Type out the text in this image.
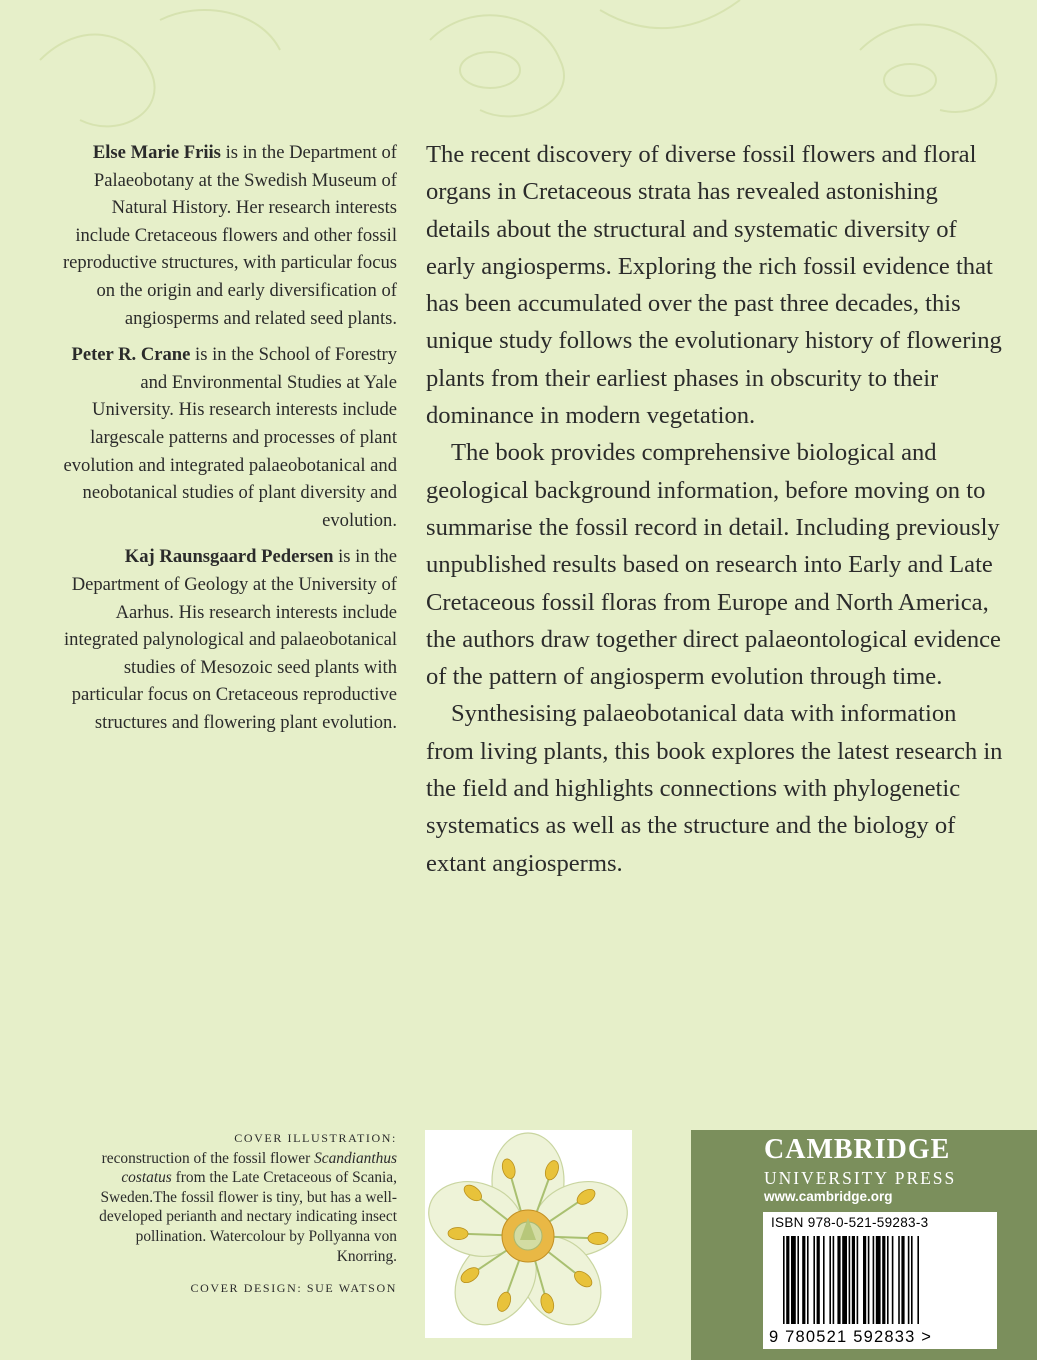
Else Marie Friis is in the Department of Palaeobotany at the Swedish Museum of Natural History. Her research interests include Cretaceous flowers and other fossil reproductive structures, with particular focus on the origin and early diversification of angiosperms and related seed plants.

Peter R. Crane is in the School of Forestry and Environmental Studies at Yale University. His research interests include largescale patterns and processes of plant evolution and integrated palaeobotanical and neobotanical studies of plant diversity and evolution.

Kaj Raunsgaard Pedersen is in the Department of Geology at the University of Aarhus. His research interests include integrated palynological and palaeobotanical studies of Mesozoic seed plants with particular focus on Cretaceous reproductive structures and flowering plant evolution.

The recent discovery of diverse fossil flowers and floral organs in Cretaceous strata has revealed astonishing details about the structural and systematic diversity of early angiosperms. Exploring the rich fossil evidence that has been accumulated over the past three decades, this unique study follows the evolutionary history of flowering plants from their earliest phases in obscurity to their dominance in modern vegetation.

The book provides comprehensive biological and geological background information, before moving on to summarise the fossil record in detail. Including previously unpublished results based on research into Early and Late Cretaceous fossil floras from Europe and North America, the authors draw together direct palaeontological evidence of the pattern of angiosperm evolution through time.

Synthesising palaeobotanical data with information from living plants, this book explores the latest research in the field and highlights connections with phylogenetic systematics as well as the structure and the biology of extant angiosperms.

COVER ILLUSTRATION:
reconstruction of the fossil flower Scandianthus costatus from the Late Cretaceous of Scania, Sweden.The fossil flower is tiny, but has a well-developed perianth and nectary indicating insect pollination. Watercolour by Pollyanna von Knorring.
COVER DESIGN: SUE WATSON
CAMBRIDGE
UNIVERSITY PRESS
www.cambridge.org
ISBN 978-0-521-59283-3
9 780521 592833 >
